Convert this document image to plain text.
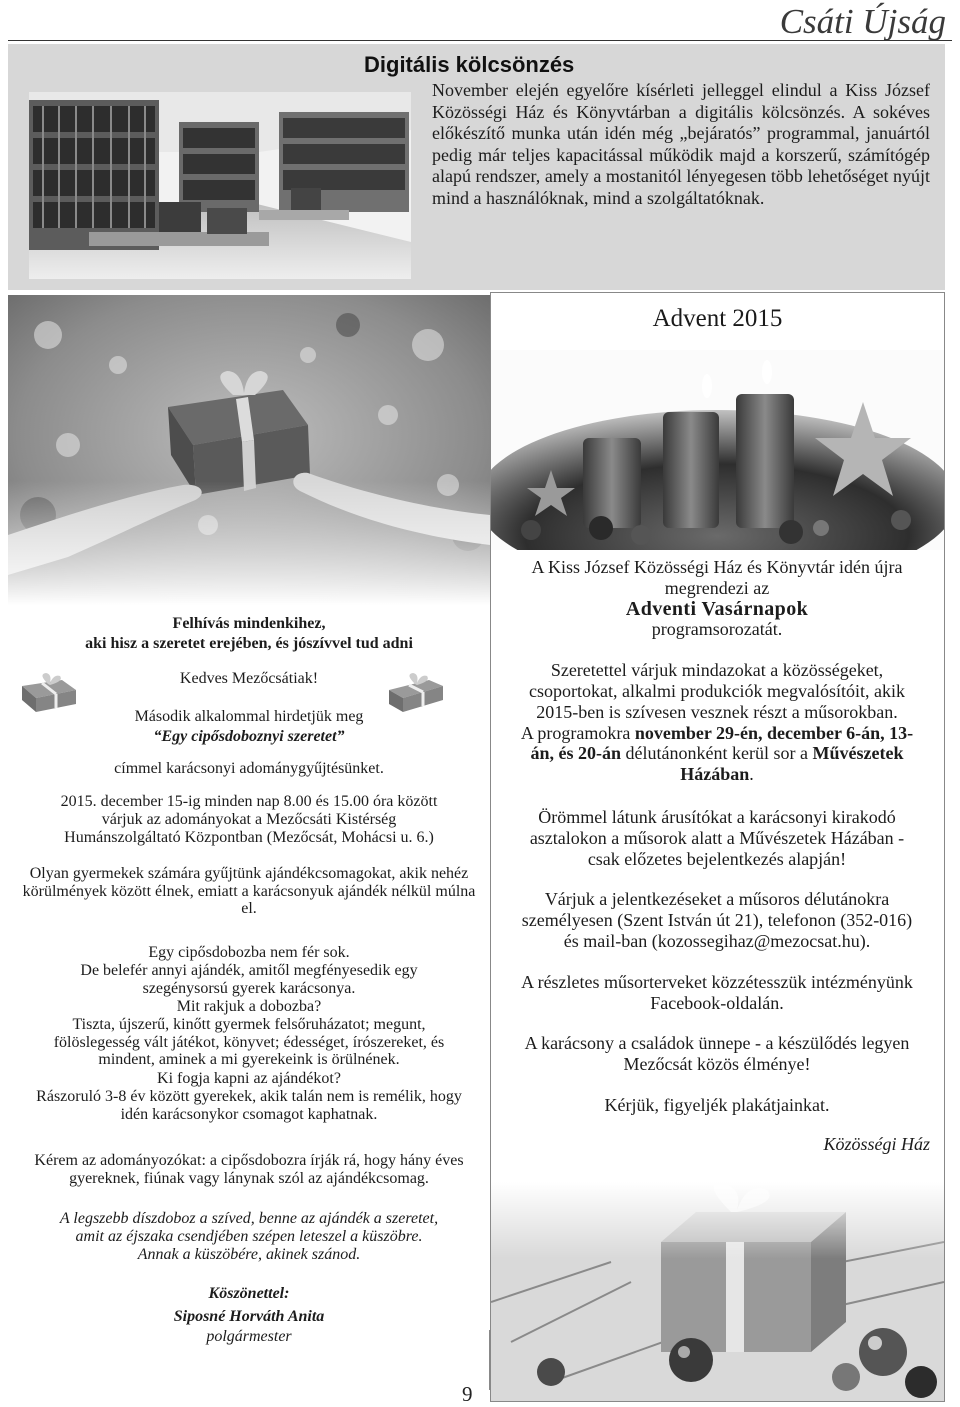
Csáti Újság
Digitális kölcsönzés
November elején egyelőre kísérleti jelleggel elindul a Kiss József Közösségi Ház és Könyvtárban a digitális kölcsönzés. A sokéves előkészítő munka után idén még „bejáratós” programmal, januártól pedig már teljes kapacitással működik majd a korszerű, számítógép alapú rendszer, amely a mostanitól lényegesen több lehetőséget nyújt mind a használóknak, mind a szolgáltatóknak.
Felhívás mindenkihez,
aki hisz a szeretet erejében, és jószívvel tud adni
Kedves Mezőcsátiak!
Második alkalommal hirdetjük meg
“Egy cipősdoboznyi szeretet”
címmel karácsonyi adománygyűjtésünket.
2015. december 15-ig minden nap 8.00 és 15.00 óra között
várjuk az adományokat a Mezőcsáti Kistérség
Humánszolgáltató Központban (Mezőcsát, Mohácsi u. 6.)
Olyan gyermekek számára gyűjtünk ajándékcsomagokat, akik nehéz körülmények között élnek, emiatt a karácsonyuk ajándék nélkül múlna el.
Egy cipősdobozba nem fér sok.
De belefér annyi ajándék, amitől megfényesedik egy szegénysorsú gyerek karácsonya.
Mit rakjuk a dobozba?
Tiszta, újszerű, kinőtt gyermek felsőruházatot; megunt, fölöslegesség vált játékot, könyvet; édességet, írószereket, és mindent, aminek a mi gyerekeink is örülnének.
Ki fogja kapni az ajándékot?
Rászoruló 3-8 év között gyerekek, akik talán nem is remélik, hogy idén karácsonykor csomagot kaphatnak.
Kérem az adományozókat: a cipősdobozra írják rá, hogy hány éves gyereknek, fiúnak vagy lánynak szól az ajándékcsomag.
A legszebb díszdoboz a szíved, benne az ajándék a szeretet,
amit az éjszaka csendjében szépen leteszel a küszöbre.
Annak a küszöbére, akinek szánod.
Köszönettel:
Siposné Horváth Anita
polgármester
Advent 2015

A Kiss József Közösségi Ház és Könyvtár idén újra megrendezi az

Adventi Vasárnapok

programsorozatát.

Szeretettel várjuk mindazokat a közösségeket, csoportokat, alkalmi produkciók megvalósítóit, akik 2015-ben is szívesen vesznek részt a műsorokban.

A programokra november 29-én, december 6-án, 13-án, és 20-án délutánonként kerül sor a Művészetek Házában.

Örömmel látunk árusítókat a karácsonyi kirakodó asztalokon a műsorok alatt a Művészetek Házában - csak előzetes bejelentkezés alapján!

Várjuk a jelentkezéseket a műsoros délutánokra személyesen (Szent István út 21), telefonon (352-016) és mail-ban (kozossegihaz@mezocsat.hu).

A részletes műsorterveket közzétesszük intézményünk Facebook-oldalán.

A karácsony a családok ünnepe - a készülődés legyen Mezőcsát közös élménye!

Kérjük, figyeljék plakátjainkat.

Közösségi Ház

9
